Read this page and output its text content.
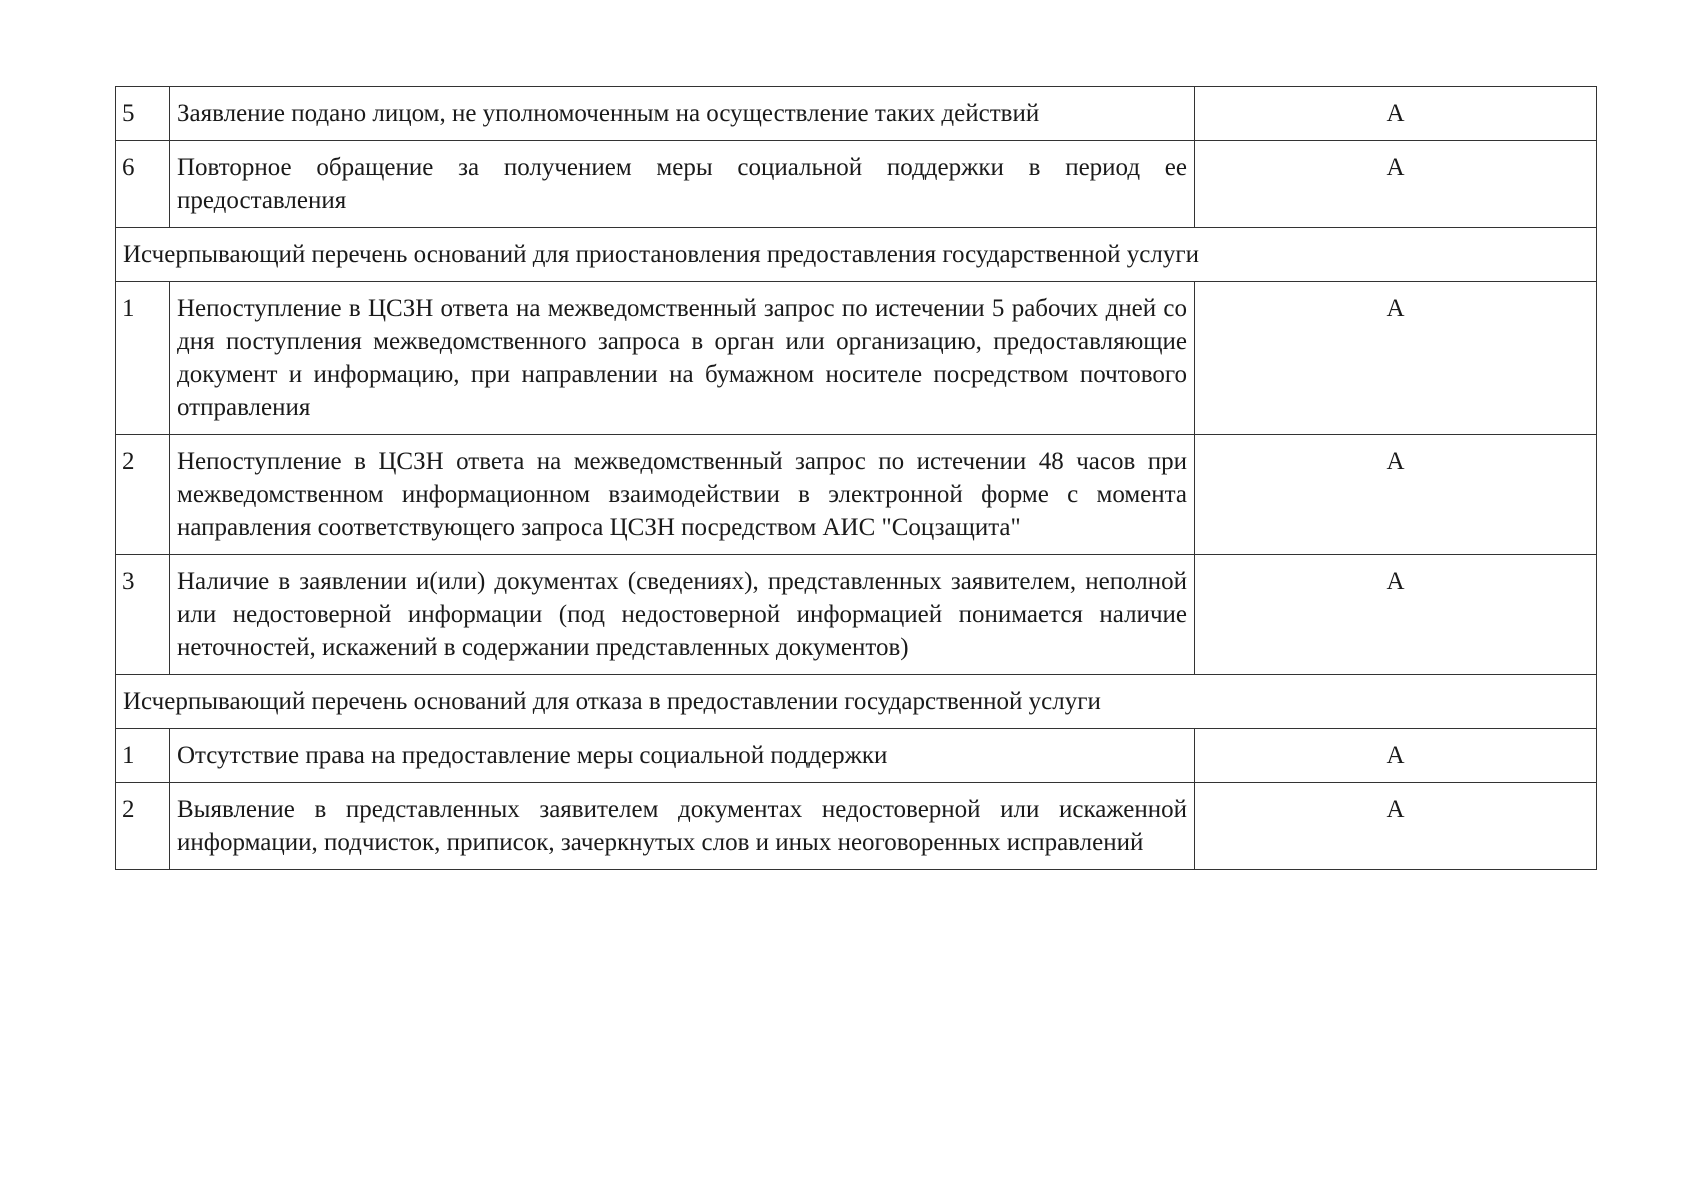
5	Заявление подано лицом, не уполномоченным на осуществление таких действий	А
6	Повторное обращение за получением меры социальной поддержки в период ее предоставления	А
Исчерпывающий перечень оснований для приостановления предоставления государственной услуги		
1	Непоступление в ЦСЗН ответа на межведомственный запрос по истечении 5 рабочих дней со дня поступления межведомственного запроса в орган или организацию, предоставляющие документ и информацию, при направлении на бумажном носителе посредством почтового отправления	А
2	Непоступление в ЦСЗН ответа на межведомственный запрос по истечении 48 часов при межведомственном информационном взаимодействии в электронной форме с момента направления соответствующего запроса ЦСЗН посредством АИС "Соцзащита"	А
3	Наличие в заявлении и(или) документах (сведениях), представленных заявителем, неполной или недостоверной информации (под недостоверной информацией понимается наличие неточностей, искажений в содержании представленных документов)	А
Исчерпывающий перечень оснований для отказа в предоставлении государственной услуги		
1	Отсутствие права на предоставление меры социальной поддержки	А
2	Выявление в представленных заявителем документах недостоверной или искаженной информации, подчисток, приписок, зачеркнутых слов и иных неоговоренных исправлений	А
